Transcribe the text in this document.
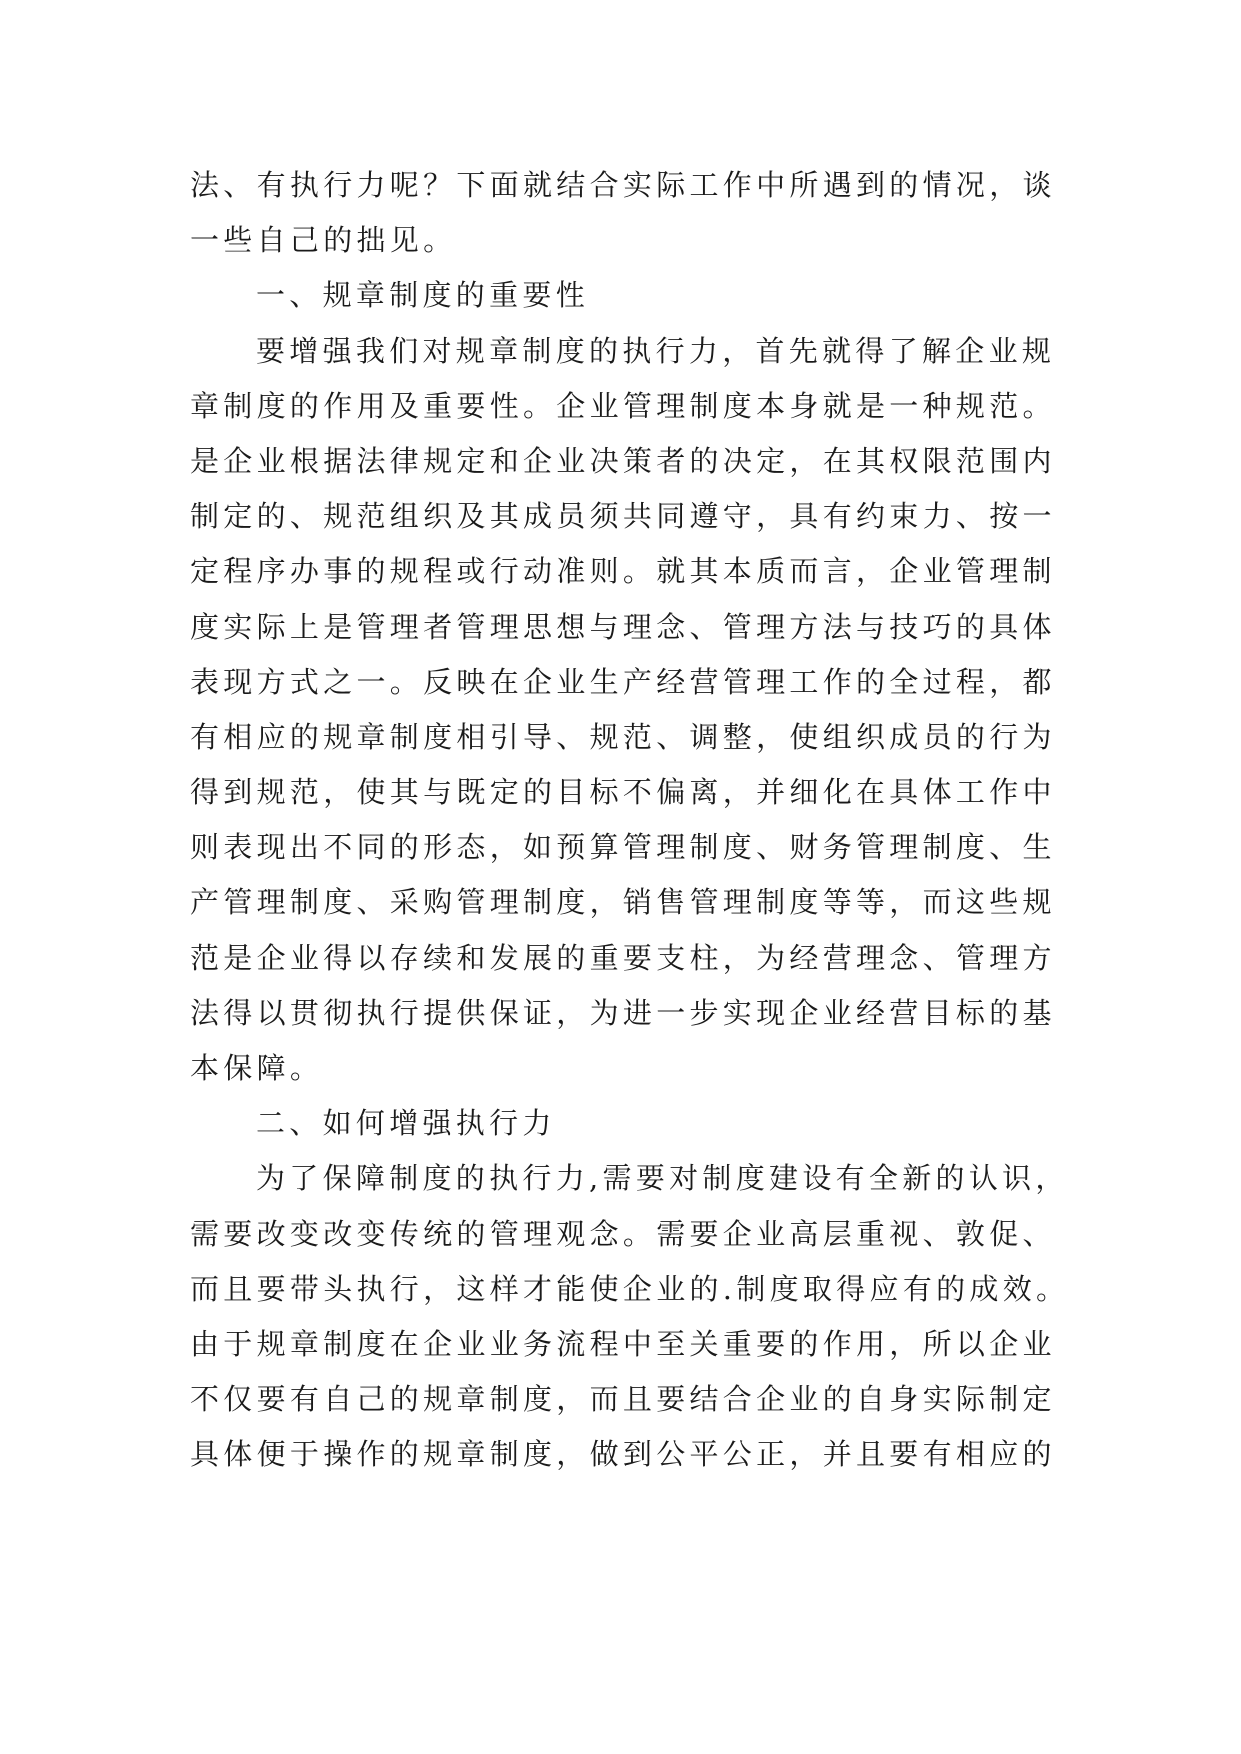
法、有执行力呢？下面就结合实际工作中所遇到的情况，谈
一些自己的拙见。
一、规章制度的重要性
要增强我们对规章制度的执行力，首先就得了解企业规
章制度的作用及重要性。企业管理制度本身就是一种规范。
是企业根据法律规定和企业决策者的决定，在其权限范围内
制定的、规范组织及其成员须共同遵守，具有约束力、按一
定程序办事的规程或行动准则。就其本质而言，企业管理制
度实际上是管理者管理思想与理念、管理方法与技巧的具体
表现方式之一。反映在企业生产经营管理工作的全过程，都
有相应的规章制度相引导、规范、调整，使组织成员的行为
得到规范，使其与既定的目标不偏离，并细化在具体工作中
则表现出不同的形态，如预算管理制度、财务管理制度、生
产管理制度、采购管理制度，销售管理制度等等，而这些规
范是企业得以存续和发展的重要支柱，为经营理念、管理方
法得以贯彻执行提供保证，为进一步实现企业经营目标的基
本保障。
二、如何增强执行力
为了保障制度的执行力,需要对制度建设有全新的认识，
需要改变改变传统的管理观念。需要企业高层重视、敦促、
而且要带头执行，这样才能使企业的.制度取得应有的成效。
由于规章制度在企业业务流程中至关重要的作用，所以企业
不仅要有自己的规章制度，而且要结合企业的自身实际制定
具体便于操作的规章制度，做到公平公正，并且要有相应的
